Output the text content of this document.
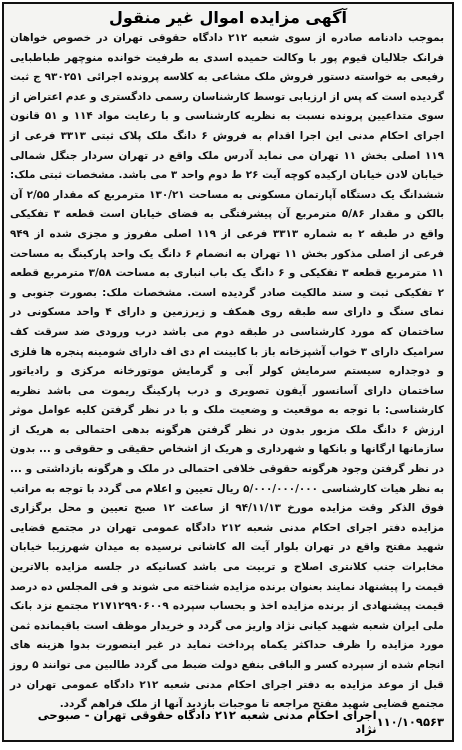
آگهی مزایده اموال غیر منقول

بموجب دادنامه صادره از سوی شعبه ۲۱۲ دادگاه حقوقی تهران در خصوص خواهان فرانک جلالیان قیوم پور با وکالت حمیده اسدی به طرفیت خوانده منوچهر طباطبایی رفیعی به خواسته دستور فروش ملک مشاعی به کلاسه پرونده اجرائی ۹۳۰۲۵۱ ج ثبت گردیده است که پس از ارزیابی توسط کارشناسان رسمی دادگستری و عدم اعتراض از سوی متداعیین پرونده نسبت به نظریه کارشناسی و با رعایت مواد ۱۱۴ و ۵۱ قانون اجرای احکام مدنی این اجرا اقدام به فروش ۶ دانگ ملک پلاک ثبتی ۳۳۱۳ فرعی از ۱۱۹ اصلی بخش ۱۱ تهران می نماید آدرس ملک واقع در تهران سردار جنگل شمالی خیابان لادن خیابان ارکیده کوچه آیت ۲۶ ط دوم واحد ۳ می باشد. مشخصات ثبتی ملک: ششدانگ یک دستگاه آپارتمان مسکونی به مساحت ۱۳۰/۲۱ مترمربع که مقدار ۲/۵۵ آن بالکن و مقدار ۵/۸۶ مترمربع آن پیشرفتگی به فضای خیابان است قطعه ۳ تفکیکی واقع در طبقه ۲ به شماره ۳۳۱۳ فرعی از ۱۱۹ اصلی مفروز و مجزی شده از ۹۴۹ فرعی از اصلی مذکور بخش ۱۱ تهران به انضمام ۶ دانگ یک واحد پارکینگ به مساحت ۱۱ مترمربع قطعه ۳ تفکیکی و ۶ دانگ یک باب انباری به مساحت ۳/۵۸ مترمربع قطعه ۲ تفکیکی ثبت و سند مالکیت صادر گردیده است. مشخصات ملک: بصورت جنوبی و نمای سنگ و دارای سه طبقه روی همکف و زیرزمین و دارای ۴ واحد مسکونی در ساختمان که مورد کارشناسی در طبقه دوم می باشد درب ورودی ضد سرقت کف سرامیک دارای ۳ خواب آشپزخانه باز با کابینت ام دی اف دارای شومینه پنجره ها فلزی و دوجداره سیستم سرمایش کولر آبی و گرمایش موتورخانه مرکزی و رادیاتور ساختمان دارای آسانسور آیفون تصویری و درب پارکینگ ریموت می باشد نظریه کارشناسی: با توجه به موقعیت و وضعیت ملک و با در نظر گرفتن کلیه عوامل موثر ارزش ۶ دانگ ملک مزبور بدون در نظر گرفتن هرگونه بدهی احتمالی به هریک از سازمانها ارگانها و بانکها و شهرداری و هریک از اشخاص حقیقی و حقوقی و ... بدون در نظر گرفتن وجود هرگونه حقوقی خلافی احتمالی در ملک و هرگونه بازداشتی و ... به نظر هیات کارشناسی ۵/۰۰۰/۰۰۰/۰۰۰ ریال تعیین و اعلام می گردد با توجه به مراتب فوق الذکر وقت مزایده مورخ ۹۴/۱۱/۱۳ از ساعت ۱۲ صبح تعیین و محل برگزاری مزایده دفتر اجرای احکام مدنی شعبه ۲۱۲ دادگاه عمومی تهران در مجتمع قضایی شهید مفتح واقع در تهران بلوار آیت اله کاشانی نرسیده به میدان شهرزیبا خیابان مخابرات جنب کلانتری اصلاح و تربیت می باشد کسانیکه در جلسه مزایده بالاترین قیمت را پیشنهاد نمایند بعنوان برنده مزایده شناخته می شوند و فی المجلس ده درصد قیمت پیشنهادی از برنده مزایده اخذ و بحساب سپرده ۲۱۷۱۲۹۹۰۶۰۰۹ مجتمع نزد بانک ملی ایران شعبه شهید کیانی نژاد واریز می گردد و خریدار موظف است باقیمانده ثمن مورد مزایده را ظرف حداکثر یکماه پرداخت نماید در غیر اینصورت بدوا هزینه های انجام شده از سپرده کسر و الباقی بنفع دولت ضبط می گردد طالبین می توانند ۵ روز قبل از موعد مزایده به دفتر اجرای احکام مدنی شعبه ۲۱۲ دادگاه عمومی تهران در مجتمع قضایی شهید مفتح مراجعه تا موجبات بازدید آنها از ملک فراهم گردد.

۱۱۰/۱۰۹۵۶۳
اجرای احکام مدنی شعبه ۲۱۲ دادگاه حقوقی تهران - صبوحی نژاد
